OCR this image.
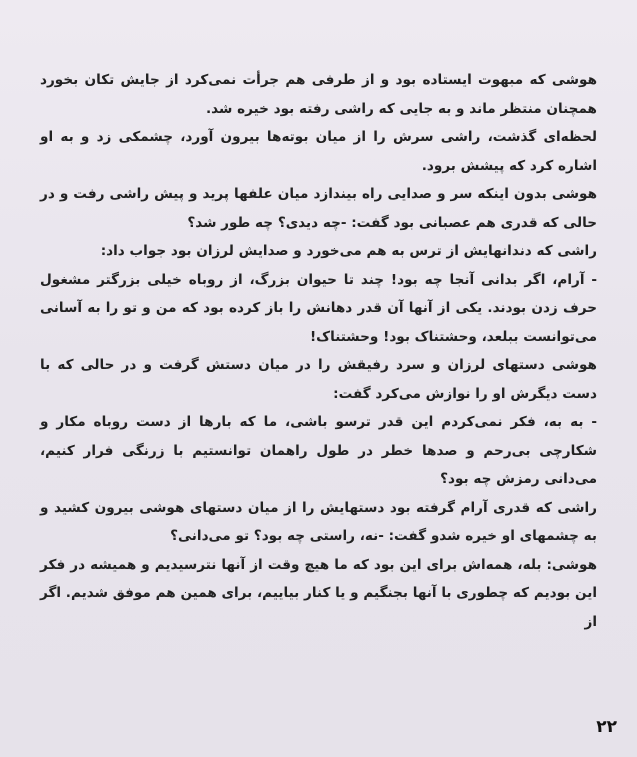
هوشی که مبهوت ایستاده بود و از طرفی هم جرأت نمی‌کرد از جایش تکان بخورد همچنان منتظر ماند و به جایی که راشی رفته بود خیره شد.

لحظه‌ای گذشت، راشی سرش را از میان بوته‌ها بیرون آورد، چشمکی زد و به او اشاره کرد که پیشش برود.

هوشی بدون اینکه سر و صدایی راه بیندازد میان علفها پرید و پیش راشی رفت و در حالی که قدری هم عصبانی بود گفت: -چه دیدی؟ چه طور شد؟

راشی که دندانهایش از ترس به هم می‌خورد و صدایش لرزان بود جواب داد:

- آرام، اگر بدانی آنجا چه بود! چند تا حیوان بزرگ، از روباه خیلی بزرگتر مشغول حرف زدن بودند. یکی از آنها آن قدر دهانش را باز کرده بود که من و تو را به آسانی می‌توانست ببلعد، وحشتناک بود! وحشتناک!

هوشی دستهای لرزان و سرد رفیقش را در میان دستش گرفت و در حالی که با دست دیگرش او را نوازش می‌کرد گفت:

- به به، فکر نمی‌کردم این قدر ترسو باشی، ما که بارها از دست روباه مکار و شکارچی بی‌رحم و صدها خطر در طول راهمان توانستیم با زرنگی فرار کنیم، می‌دانی رمزش چه بود؟

راشی که قدری آرام گرفته بود دستهایش را از میان دستهای هوشی بیرون کشید و به چشمهای او خیره شدو گفت: -نه، راستی چه بود؟ تو می‌دانی؟

هوشی: بله، همه‌اش برای این بود که ما هیچ وقت از آنها نترسیدیم و همیشه در فکر این بودیم که چطوری با آنها بجنگیم و یا کنار بیاییم، برای همین هم موفق شدیم. اگر از

۲۲
